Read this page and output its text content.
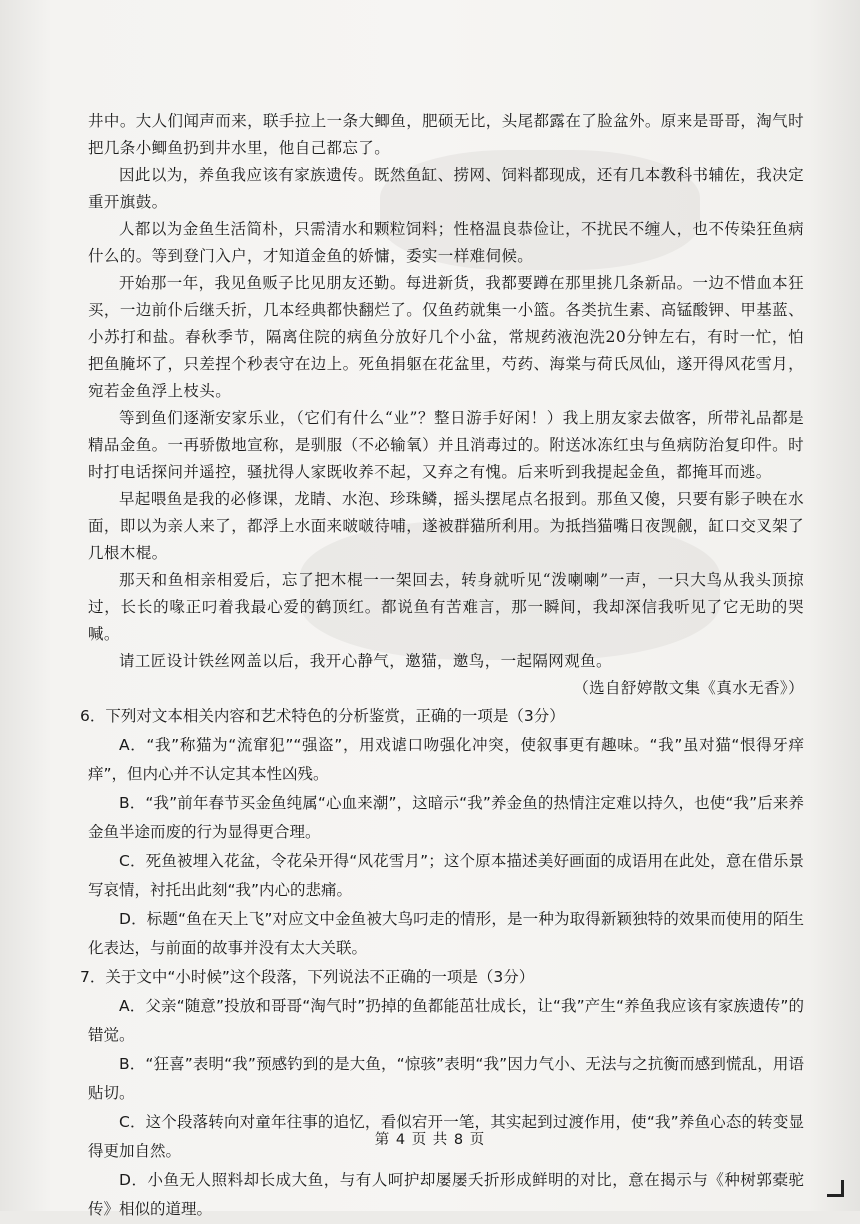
井中。大人们闻声而来，联手拉上一条大鲫鱼，肥硕无比，头尾都露在了脸盆外。原来是哥哥，淘气时把几条小鲫鱼扔到井水里，他自己都忘了。

因此以为，养鱼我应该有家族遗传。既然鱼缸、捞网、饲料都现成，还有几本教科书辅佐，我决定重开旗鼓。

人都以为金鱼生活简朴，只需清水和颗粒饲料；性格温良恭俭让，不扰民不缠人，也不传染狂鱼病什么的。等到登门入户，才知道金鱼的娇慵，委实一样难伺候。

开始那一年，我见鱼贩子比见朋友还勤。每进新货，我都要蹲在那里挑几条新品。一边不惜血本狂买，一边前仆后继夭折，几本经典都快翻烂了。仅鱼药就集一小篮。各类抗生素、高锰酸钾、甲基蓝、小苏打和盐。春秋季节，隔离住院的病鱼分放好几个小盆，常规药液泡洗20分钟左右，有时一忙，怕把鱼腌坏了，只差捏个秒表守在边上。死鱼捐躯在花盆里，芍药、海棠与荷氏凤仙，遂开得风花雪月，宛若金鱼浮上枝头。

等到鱼们逐渐安家乐业，（它们有什么“业”？整日游手好闲！）我上朋友家去做客，所带礼品都是精品金鱼。一再骄傲地宣称，是驯服（不必输氧）并且消毒过的。附送冰冻红虫与鱼病防治复印件。时时打电话探问并遥控，骚扰得人家既收养不起，又弃之有愧。后来听到我提起金鱼，都掩耳而逃。

早起喂鱼是我的必修课，龙睛、水泡、珍珠鳞，摇头摆尾点名报到。那鱼又傻，只要有影子映在水面，即以为亲人来了，都浮上水面来啵啵待哺，遂被群猫所利用。为抵挡猫嘴日夜觊觎，缸口交叉架了几根木棍。

那天和鱼相亲相爱后，忘了把木棍一一架回去，转身就听见“泼喇喇”一声，一只大鸟从我头顶掠过，长长的喙正叼着我最心爱的鹤顶红。都说鱼有苦难言，那一瞬间，我却深信我听见了它无助的哭喊。

请工匠设计铁丝网盖以后，我开心静气，邀猫，邀鸟，一起隔网观鱼。

（选自舒婷散文集《真水无香》）

6．下列对文本相关内容和艺术特色的分析鉴赏，正确的一项是（3分）

A．“我”称猫为“流窜犯”“强盗”，用戏谑口吻强化冲突，使叙事更有趣味。“我”虽对猫“恨得牙痒痒”，但内心并不认定其本性凶残。

B．“我”前年春节买金鱼纯属“心血来潮”，这暗示“我”养金鱼的热情注定难以持久，也使“我”后来养金鱼半途而废的行为显得更合理。

C．死鱼被埋入花盆，令花朵开得“风花雪月”；这个原本描述美好画面的成语用在此处，意在借乐景写哀情，衬托出此刻“我”内心的悲痛。

D．标题“鱼在天上飞”对应文中金鱼被大鸟叼走的情形，是一种为取得新颖独特的效果而使用的陌生化表达，与前面的故事并没有太大关联。

7．关于文中“小时候”这个段落，下列说法不正确的一项是（3分）

A．父亲“随意”投放和哥哥“淘气时”扔掉的鱼都能茁壮成长，让“我”产生“养鱼我应该有家族遗传”的错觉。

B．“狂喜”表明“我”预感钓到的是大鱼，“惊骇”表明“我”因力气小、无法与之抗衡而感到慌乱，用语贴切。

C．这个段落转向对童年往事的追忆，看似宕开一笔，其实起到过渡作用，使“我”养鱼心态的转变显得更加自然。

D．小鱼无人照料却长成大鱼，与有人呵护却屡屡夭折形成鲜明的对比，意在揭示与《种树郭橐驼传》相似的道理。

第 4 页 共 8 页
